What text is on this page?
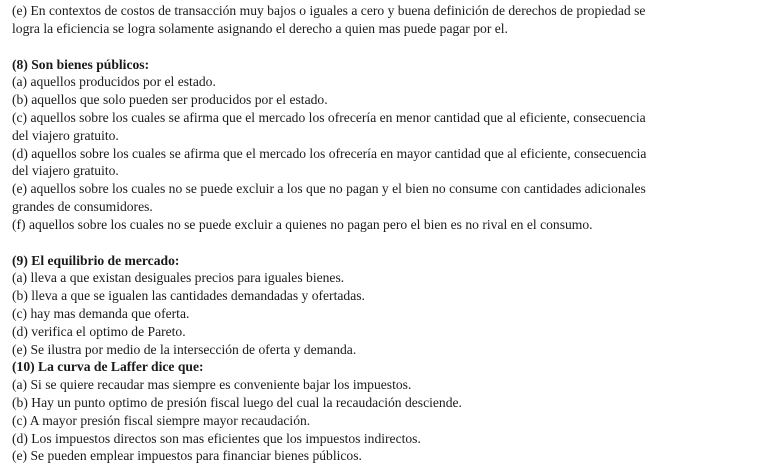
(e) En contextos de costos de transacción muy bajos o iguales a cero y buena definición de derechos de propiedad se
logra la eficiencia se logra solamente asignando el derecho a quien mas puede pagar por el.
(8) Son bienes públicos:
(a) aquellos producidos por el estado.
(b) aquellos que solo pueden ser producidos por el estado.
(c) aquellos sobre los cuales se afirma que el mercado los ofrecería en menor cantidad que al eficiente, consecuencia
del viajero gratuito.
(d) aquellos sobre los cuales se afirma que el mercado los ofrecería en mayor cantidad que al eficiente, consecuencia
del viajero gratuito.
(e) aquellos sobre los cuales no se puede excluir a los que no pagan y el bien no consume con cantidades adicionales
grandes de consumidores.
(f) aquellos sobre los cuales no se puede excluir a quienes no pagan pero el bien es no rival en el consumo.
(9) El equilibrio de mercado:
(a) lleva a que existan desiguales precios para iguales bienes.
(b) lleva a que se igualen las cantidades demandadas y ofertadas.
(c) hay mas demanda que oferta.
(d) verifica el optimo de Pareto.
(e) Se ilustra por medio de la intersección de oferta y demanda.
(10) La curva de Laffer dice que:
(a) Si se quiere recaudar mas siempre es conveniente bajar los impuestos.
(b) Hay un punto optimo de presión fiscal luego del cual la recaudación desciende.
(c) A mayor presión fiscal siempre mayor recaudación.
(d) Los impuestos directos son mas eficientes que los impuestos indirectos.
(e) Se pueden emplear impuestos para financiar bienes públicos.
